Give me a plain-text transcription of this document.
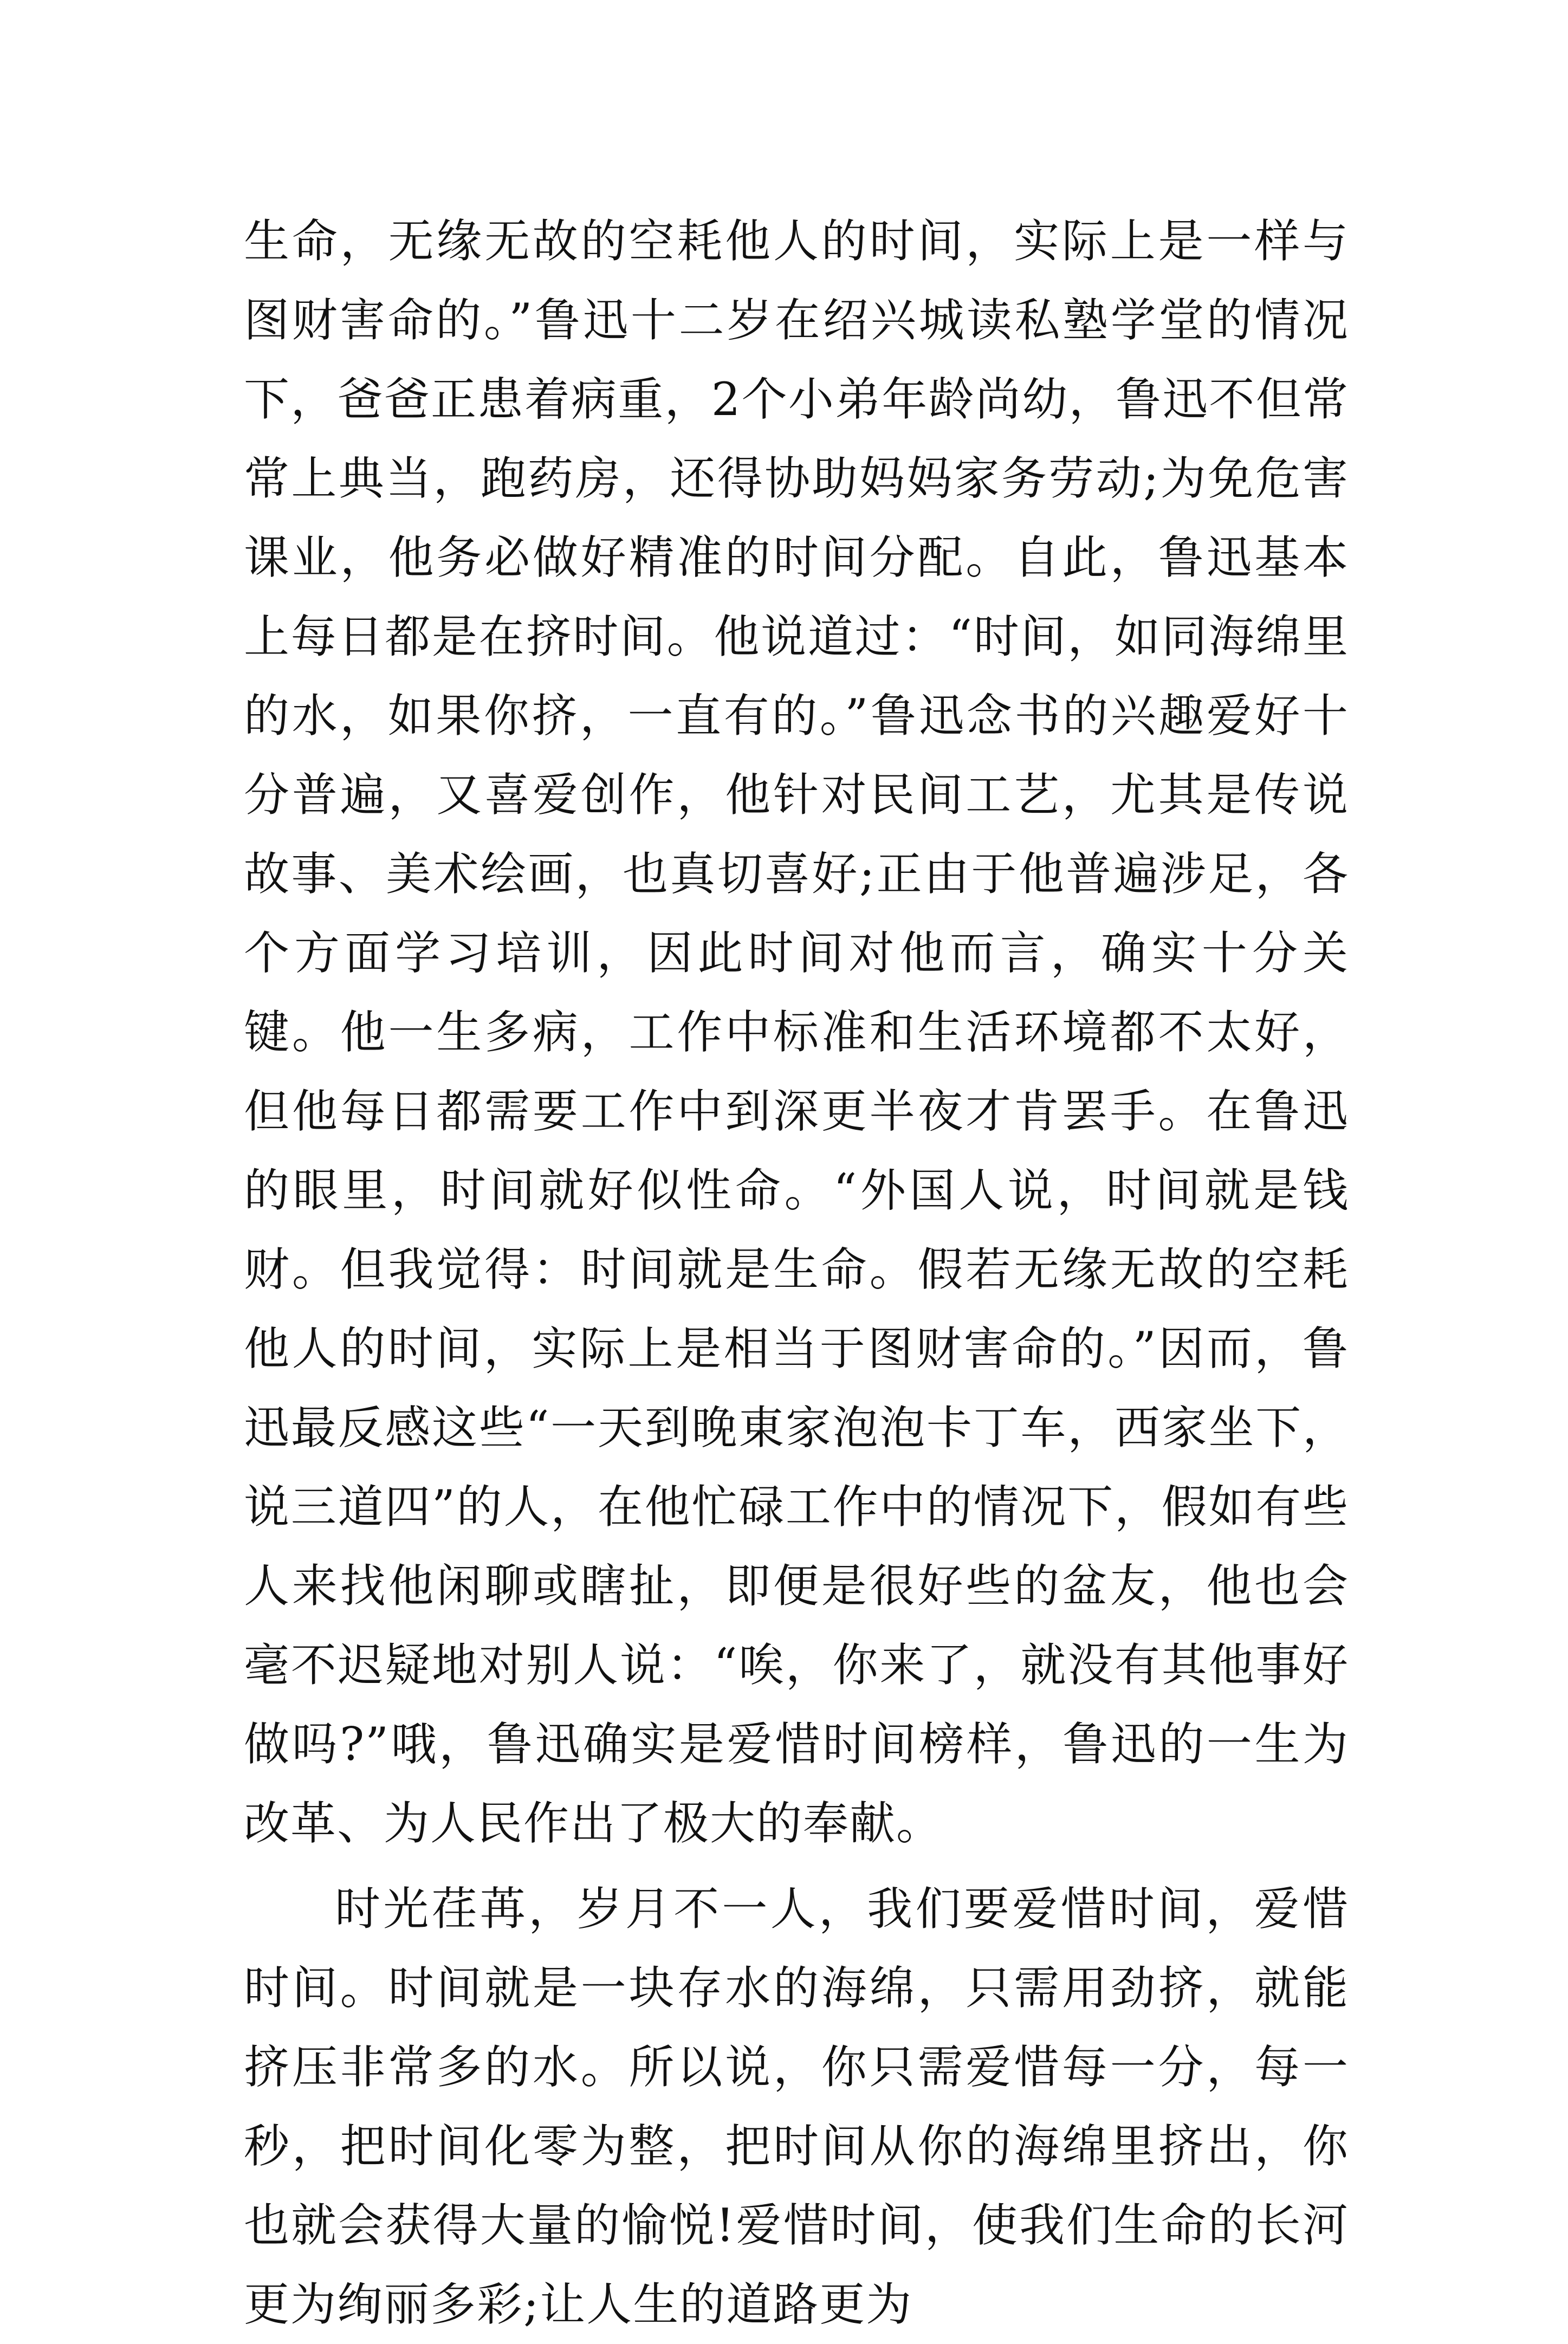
生命，无缘无故的空耗他人的时间，实际上是一样与图财害命的。”鲁迅十二岁在绍兴城读私塾学堂的情况下，爸爸正患着病重，2个小弟年龄尚幼，鲁迅不但常常上典当，跑药房，还得协助妈妈家务劳动;为免危害课业，他务必做好精准的时间分配。自此，鲁迅基本上每日都是在挤时间。他说道过：“时间，如同海绵里的水，如果你挤，一直有的。”鲁迅念书的兴趣爱好十分普遍，又喜爱创作，他针对民间工艺，尤其是传说故事、美术绘画，也真切喜好;正由于他普遍涉足，各个方面学习培训，因此时间对他而言，确实十分关键。他一生多病，工作中标准和生活环境都不太好，但他每日都需要工作中到深更半夜才肯罢手。在鲁迅的眼里，时间就好似性命。“外国人说，时间就是钱财。但我觉得：时间就是生命。假若无缘无故的空耗他人的时间，实际上是相当于图财害命的。”因而，鲁迅最反感这些“一天到晚東家泡泡卡丁车，西家坐下，说三道四”的人，在他忙碌工作中的情况下，假如有些人来找他闲聊或瞎扯，即便是很好些的盆友，他也会毫不迟疑地对别人说：“唉，你来了，就没有其他事好做吗?”哦，鲁迅确实是爱惜时间榜样，鲁迅的一生为改革、为人民作出了极大的奉献。

时光荏苒，岁月不一人，我们要爱惜时间，爱惜时间。时间就是一块存水的海绵，只需用劲挤，就能挤压非常多的水。所以说，你只需爱惜每一分，每一秒，把时间化零为整，把时间从你的海绵里挤出，你也就会获得大量的愉悦!爱惜时间，使我们生命的长河更为绚丽多彩;让人生的道路更为
